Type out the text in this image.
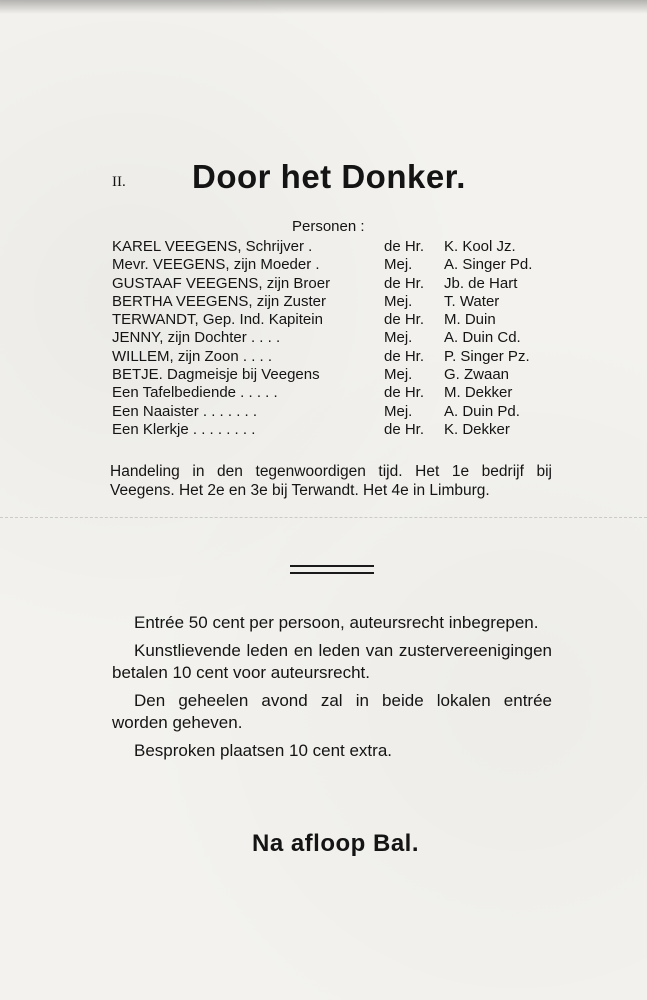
II. Door het Donker.
Personen :
KAREL VEEGENS, Schrijver .	de Hr. K. Kool Jz.
Mevr. VEEGENS, zijn Moeder .	Mej. A. Singer Pd.
GUSTAAF VEEGENS, zijn Broer	de Hr. Jb. de Hart
BERTHA VEEGENS, zijn Zuster	Mej. T. Water
TERWANDT, Gep. Ind. Kapitein	de Hr. M. Duin
JENNY, zijn Dochter . . . .	Mej. A. Duin Cd.
WILLEM, zijn Zoon . . . .	de Hr. P. Singer Pz.
BETJE. Dagmeisje bij Veegens	Mej. G. Zwaan
Een Tafelbediende . . . . .	de Hr. M. Dekker
Een Naaister . . . . . . .	Mej. A. Duin Pd.
Een Klerkje . . . . . . . .	de Hr. K. Dekker
Handeling in den tegenwoordigen tijd. Het 1e bedrijf bij Veegens. Het 2e en 3e bij Terwandt. Het 4e in Limburg.

Entrée 50 cent per persoon, auteursrecht inbegrepen.

Kunstlievende leden en leden van zustervereenigingen betalen 10 cent voor auteursrecht.

Den geheelen avond zal in beide lokalen entrée worden geheven.

Besproken plaatsen 10 cent extra.

Na afloop Bal.
